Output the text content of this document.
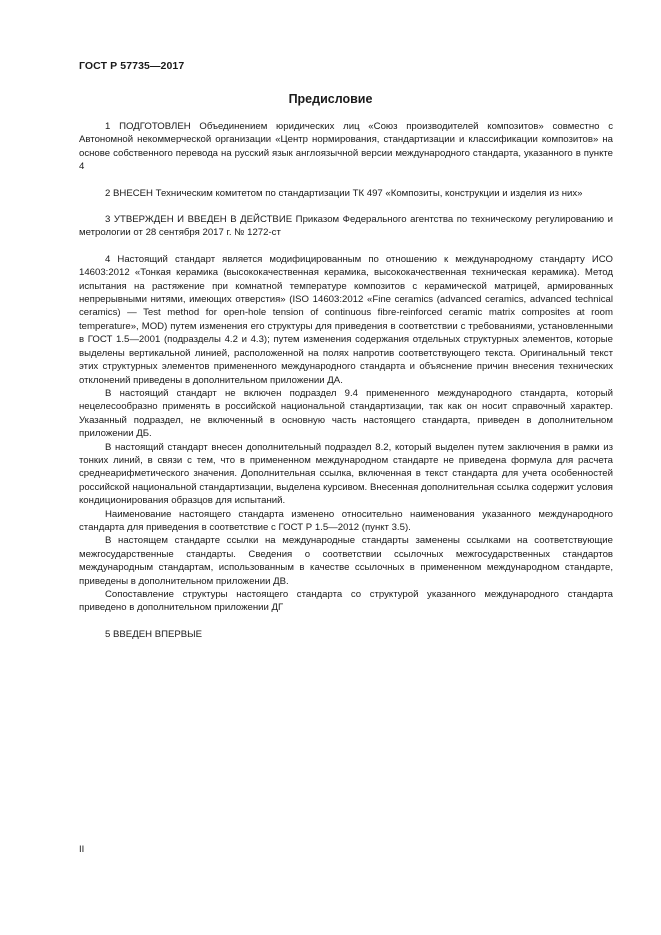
ГОСТ Р 57735—2017
Предисловие

1 ПОДГОТОВЛЕН Объединением юридических лиц «Союз производителей композитов» совместно с Автономной некоммерческой организации «Центр нормирования, стандартизации и классификации композитов» на основе собственного перевода на русский язык англоязычной версии международного стандарта, указанного в пункте 4

2 ВНЕСЕН Техническим комитетом по стандартизации ТК 497 «Композиты, конструкции и изделия из них»

3 УТВЕРЖДЕН И ВВЕДЕН В ДЕЙСТВИЕ Приказом Федерального агентства по техническому регулированию и метрологии от 28 сентября 2017 г. № 1272-ст

4 Настоящий стандарт является модифицированным по отношению к международному стандарту ИСО 14603:2012 «Тонкая керамика (высококачественная керамика, высококачественная техническая керамика). Метод испытания на растяжение при комнатной температуре композитов с керамической матрицей, армированных непрерывными нитями, имеющих отверстия» (ISO 14603:2012 «Fine ceramics (advanced ceramics, advanced technical ceramics) — Test method for open-hole tension of continuous fibre-reinforced ceramic matrix composites at room temperature», MOD) путем изменения его структуры для приведения в соответствии с требованиями, установленными в ГОСТ 1.5—2001 (подразделы 4.2 и 4.3); путем изменения содержания отдельных структурных элементов, которые выделены вертикальной линией, расположенной на полях напротив соответствующего текста. Оригинальный текст этих структурных элементов примененного международного стандарта и объяснение причин внесения технических отклонений приведены в дополнительном приложении ДА.

В настоящий стандарт не включен подраздел 9.4 примененного международного стандарта, который нецелесообразно применять в российской национальной стандартизации, так как он носит справочный характер. Указанный подраздел, не включенный в основную часть настоящего стандарта, приведен в дополнительном приложении ДБ.

В настоящий стандарт внесен дополнительный подраздел 8.2, который выделен путем заключения в рамки из тонких линий, в связи с тем, что в примененном международном стандарте не приведена формула для расчета среднеарифметического значения. Дополнительная ссылка, включенная в текст стандарта для учета особенностей российской национальной стандартизации, выделена курсивом. Внесенная дополнительная ссылка содержит условия кондиционирования образцов для испытаний.

Наименование настоящего стандарта изменено относительно наименования указанного международного стандарта для приведения в соответствие с ГОСТ Р 1.5—2012 (пункт 3.5).

В настоящем стандарте ссылки на международные стандарты заменены ссылками на соответствующие межгосударственные стандарты. Сведения о соответствии ссылочных межгосударственных стандартов международным стандартам, использованным в качестве ссылочных в примененном международном стандарте, приведены в дополнительном приложении ДВ.

Сопоставление структуры настоящего стандарта со структурой указанного международного стандарта приведено в дополнительном приложении ДГ

5 ВВЕДЕН ВПЕРВЫЕ

II
